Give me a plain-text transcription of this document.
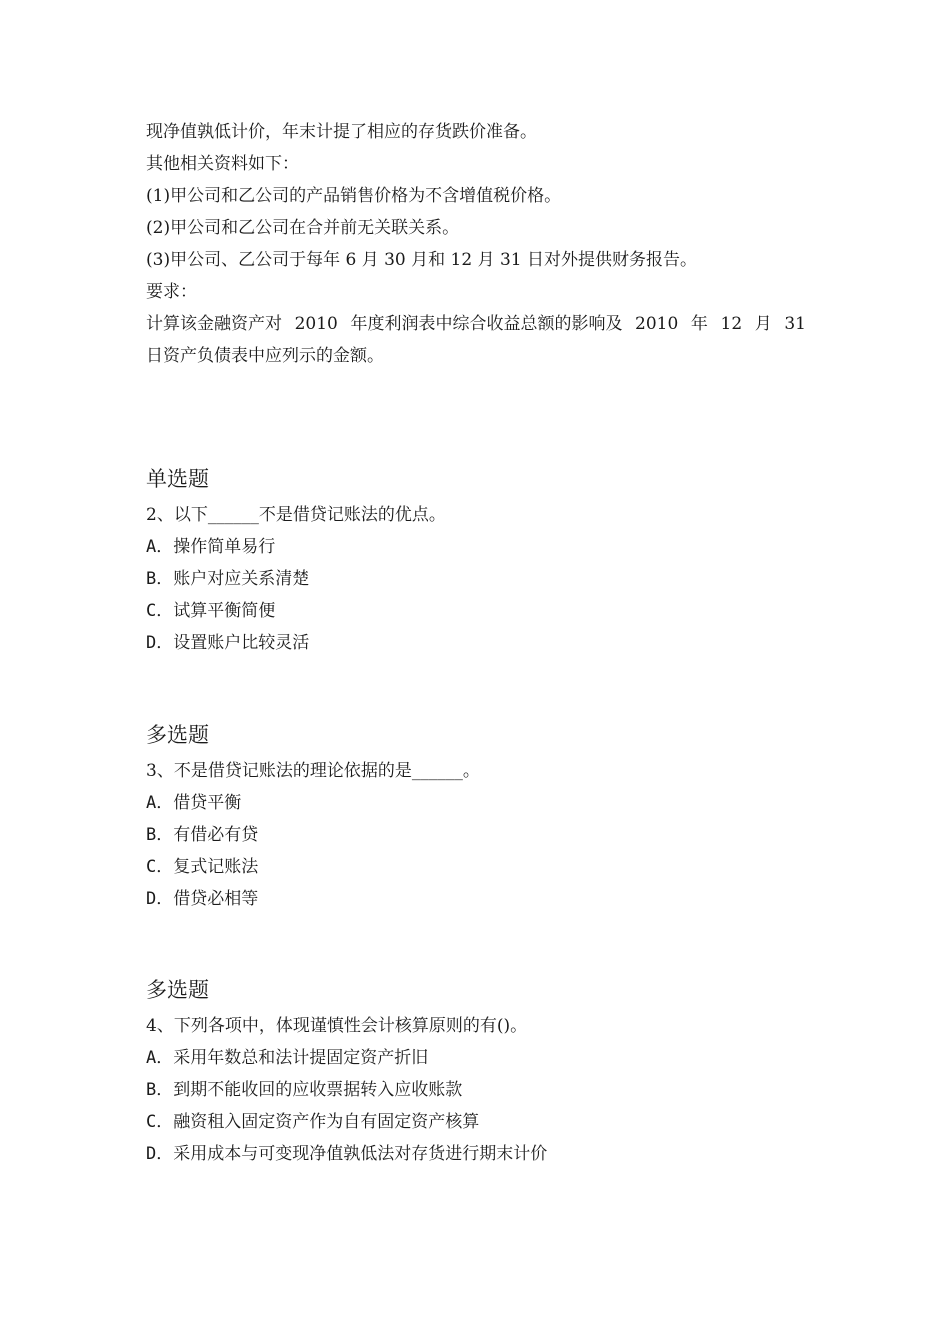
现净值孰低计价，年末计提了相应的存货跌价准备。
其他相关资料如下：
(1)甲公司和乙公司的产品销售价格为不含增值税价格。
(2)甲公司和乙公司在合并前无关联关系。
(3)甲公司、乙公司于每年 6 月 30 月和 12 月 31 日对外提供财务报告。
要求：
计算该金融资产对 2010 年度利润表中综合收益总额的影响及 2010 年 12 月 31
日资产负债表中应列示的金额。
单选题
2、以下______不是借贷记账法的优点。
A．操作简单易行
B．账户对应关系清楚
C．试算平衡简便
D．设置账户比较灵活
多选题
3、不是借贷记账法的理论依据的是______。
A．借贷平衡
B．有借必有贷
C．复式记账法
D．借贷必相等
多选题
4、下列各项中，体现谨慎性会计核算原则的有()。
A．采用年数总和法计提固定资产折旧
B．到期不能收回的应收票据转入应收账款
C．融资租入固定资产作为自有固定资产核算
D．采用成本与可变现净值孰低法对存货进行期末计价
